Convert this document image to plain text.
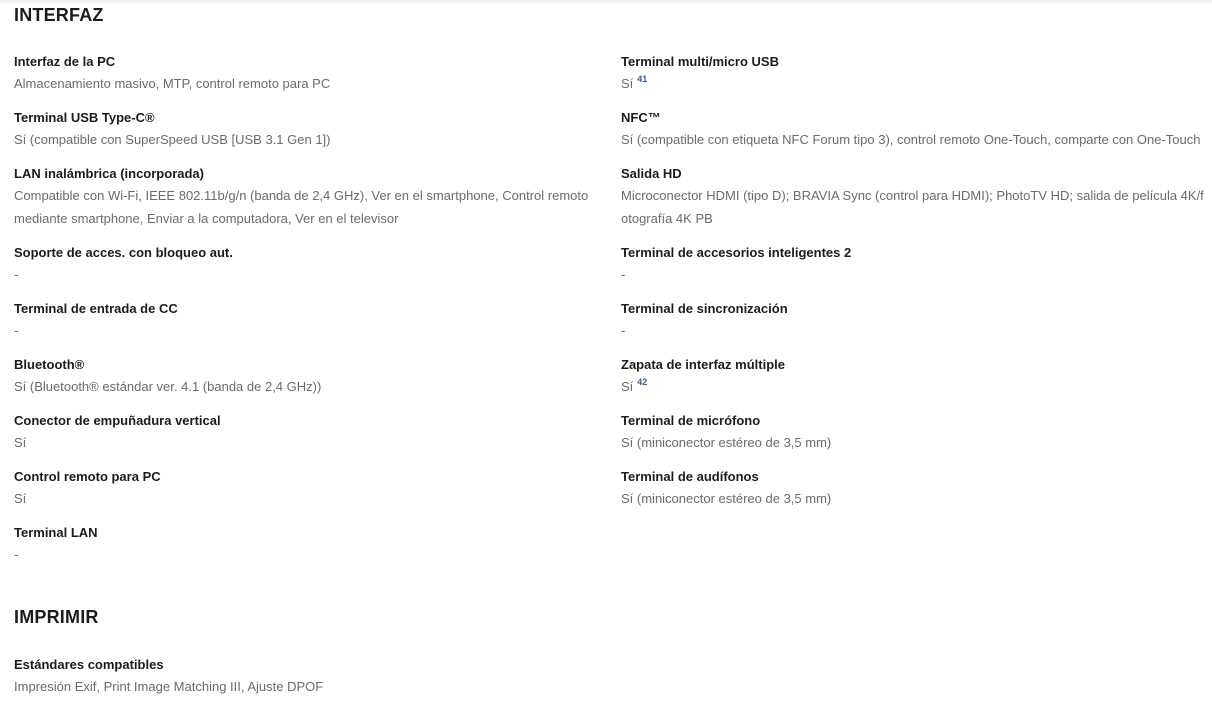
INTERFAZ
Interfaz de la PC
Almacenamiento masivo, MTP, control remoto para PC
Terminal USB Type-C®
Sí (compatible con SuperSpeed USB [USB 3.1 Gen 1])
LAN inalámbrica (incorporada)
Compatible con Wi-Fi, IEEE 802.11b/g/n (banda de 2,4 GHz), Ver en el smartphone, Control remoto mediante smartphone, Enviar a la computadora, Ver en el televisor
Soporte de acces. con bloqueo aut.
-
Terminal de entrada de CC
-
Bluetooth®
Sí (Bluetooth® estándar ver. 4.1 (banda de 2,4 GHz))
Conector de empuñadura vertical
Sí
Control remoto para PC
Sí
Terminal LAN
-
Terminal multi/micro USB
Sí $^{41}$
NFC™
Sí (compatible con etiqueta NFC Forum tipo 3), control remoto One-Touch, comparte con One-Touch
Salida HD
Microconector HDMI (tipo D); BRAVIA Sync (control para HDMI); PhotoTV HD; salida de película 4K/fotografía 4K PB
Terminal de accesorios inteligentes 2
-
Terminal de sincronización
-
Zapata de interfaz múltiple
Sí $^{42}$
Terminal de micrófono
Sí (miniconector estéreo de 3,5 mm)
Terminal de audífonos
Sí (miniconector estéreo de 3,5 mm)
IMPRIMIR
Estándares compatibles
Impresión Exif, Print Image Matching III, Ajuste DPOF
